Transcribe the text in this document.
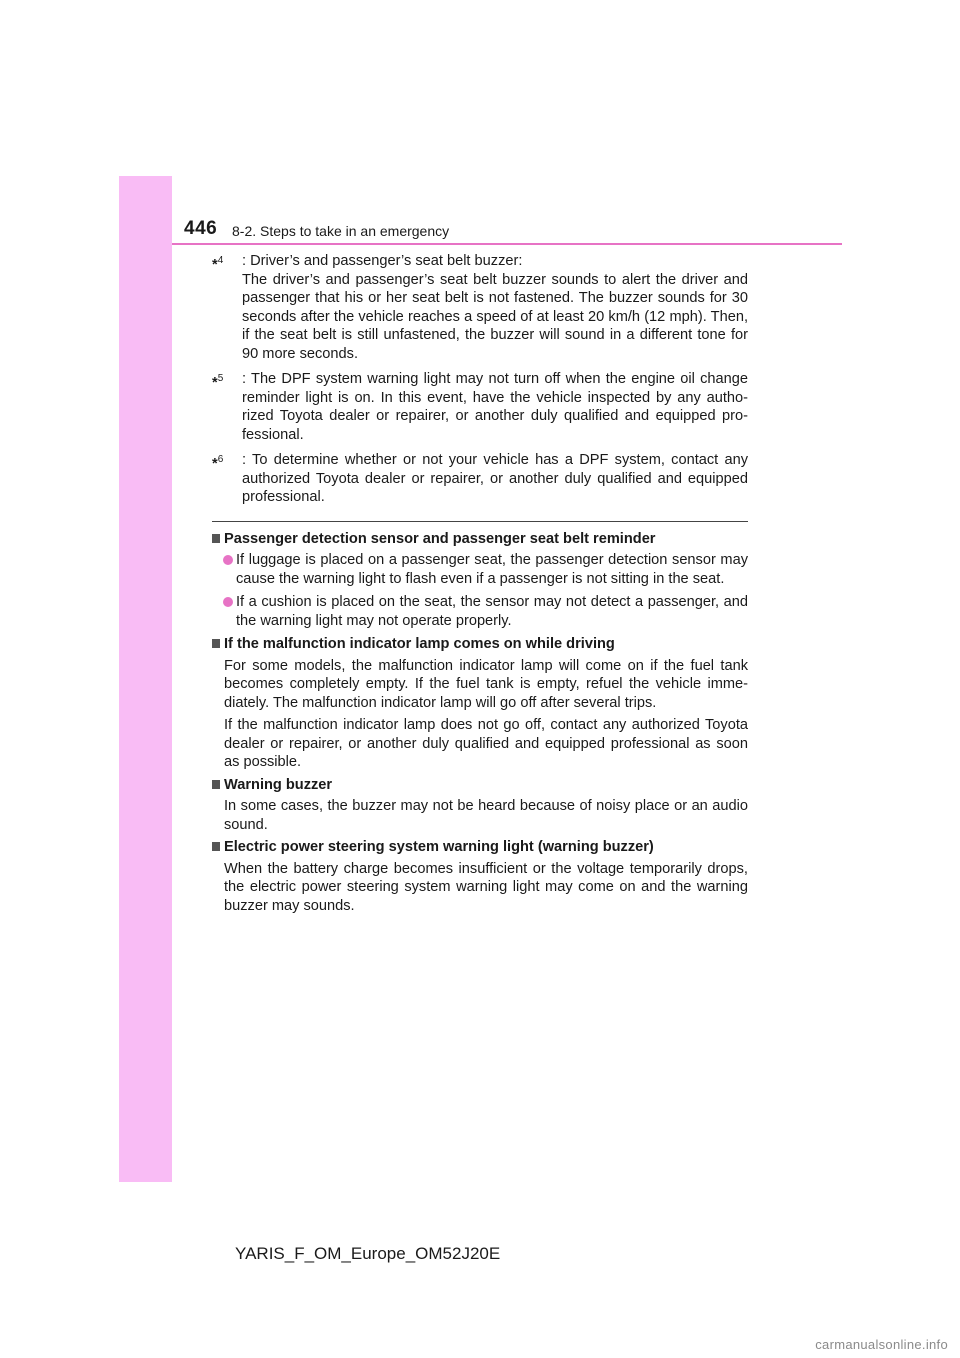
446 8-2. Steps to take in an emergency
*$^4$ : Driver’s and passenger’s seat belt buzzer:
The driver’s and passenger’s seat belt buzzer sounds to alert the driver and passenger that his or her seat belt is not fastened. The buzzer sounds for 30 seconds after the vehicle reaches a speed of at least 20 km/h (12 mph). Then, if the seat belt is still unfastened, the buzzer will sound in a different tone for 90 more seconds.
*$^5$ : The DPF system warning light may not turn off when the engine oil change reminder light is on. In this event, have the vehicle inspected by any autho-rized Toyota dealer or repairer, or another duly qualified and equipped pro-fessional.
*$^6$ : To determine whether or not your vehicle has a DPF system, contact any authorized Toyota dealer or repairer, or another duly qualified and equipped professional.
Passenger detection sensor and passenger seat belt reminder
If luggage is placed on a passenger seat, the passenger detection sensor may cause the warning light to flash even if a passenger is not sitting in the seat.
If a cushion is placed on the seat, the sensor may not detect a passenger, and the warning light may not operate properly.
If the malfunction indicator lamp comes on while driving
For some models, the malfunction indicator lamp will come on if the fuel tank becomes completely empty. If the fuel tank is empty, refuel the vehicle imme-diately. The malfunction indicator lamp will go off after several trips.
If the malfunction indicator lamp does not go off, contact any authorized Toyota dealer or repairer, or another duly qualified and equipped professional as soon as possible.
Warning buzzer
In some cases, the buzzer may not be heard because of noisy place or an audio sound.
Electric power steering system warning light (warning buzzer)
When the battery charge becomes insufficient or the voltage temporarily drops, the electric power steering system warning light may come on and the warning buzzer may sounds.
YARIS_F_OM_Europe_OM52J20E
carmanualsonline.info
